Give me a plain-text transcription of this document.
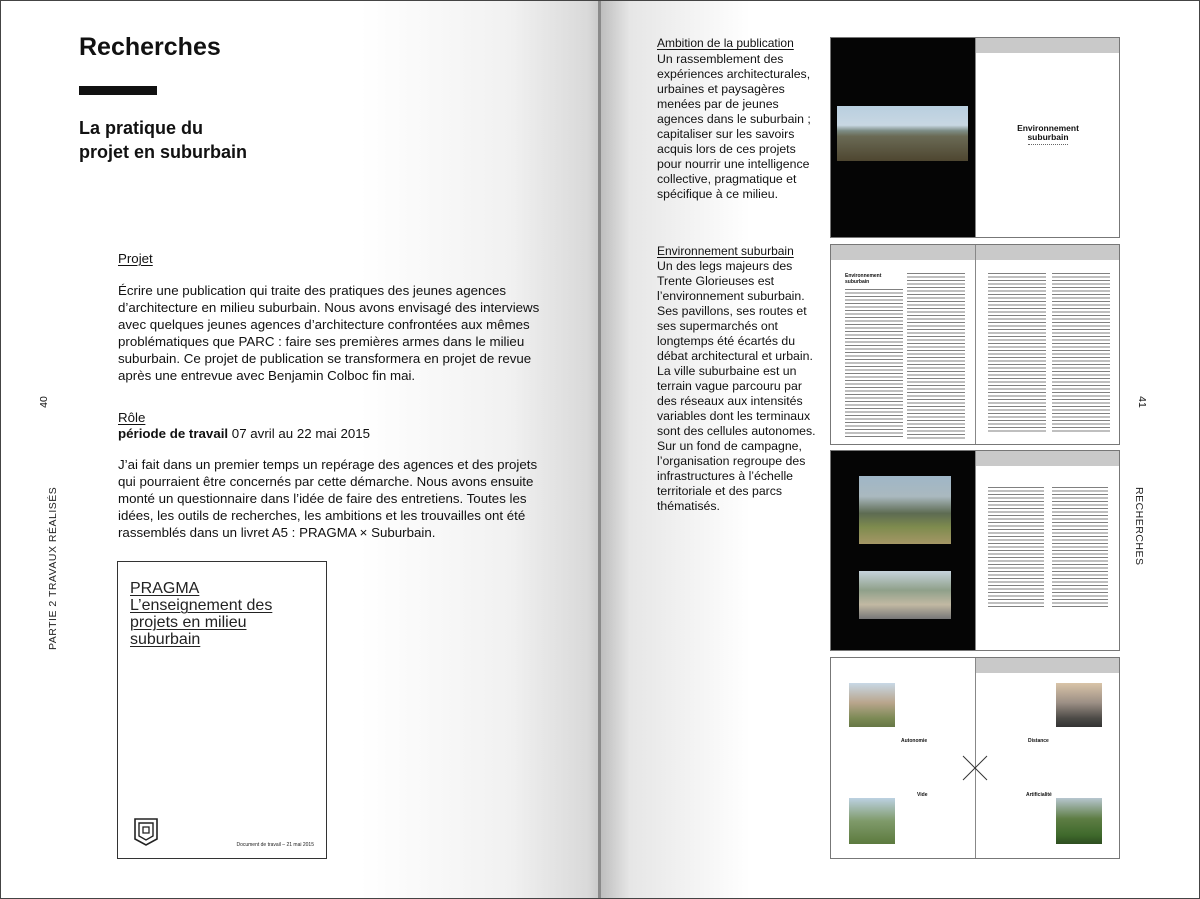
Recherches
La pratique du
projet en suburbain
Projet
Écrire une publication qui traite des pratiques des jeunes agences d’architecture en milieu suburbain. Nous avons envisagé des interviews avec quelques jeunes agences d’architecture confrontées aux mêmes problématiques que PARC : faire ses premières armes dans le milieu suburbain. Ce projet de publication se transformera en projet de revue après une entrevue avec Benjamin Colboc fin mai.
Rôle
période de travail 07 avril au 22 mai 2015
J’ai fait dans un premier temps un repérage des agences et des projets qui pourraient être concernés par cette démarche. Nous avons ensuite monté un questionnaire dans l’idée de faire des entretiens. Toutes les idées, les outils de recherches, les ambitions et les trouvailles ont été rassemblés dans un livret A5 : PRAGMA × Suburbain.
PRAGMA
L’enseignement des
projets en milieu
suburbain
Document de travail – 21 mai 2015
40
PARTIE 2 TRAVAUX RÉALISÉS
Ambition de la publication
Un rassemblement des expériences architecturales, urbaines et paysagères menées par de jeunes agences dans le suburbain ; capitaliser sur les savoirs acquis lors de ces projets pour nourrir une intelligence collective, pragmatique et spécifique à ce milieu.
Environnement suburbain
Un des legs majeurs des Trente Glorieuses est l’environnement suburbain. Ses pavillons, ses routes et ses supermarchés ont longtemps été écartés du débat architectural et urbain. La ville suburbaine est un terrain vague parcouru par des réseaux aux intensités variables dont les terminaux sont des cellules autonomes. Sur un fond de campagne, l’organisation regroupe des infrastructures à l’échelle territoriale et des parcs thématisés.
Environnement
suburbain
Environnement suburbain
Autonomie
Vide
Distance
Artificialité
41
RECHERCHES
